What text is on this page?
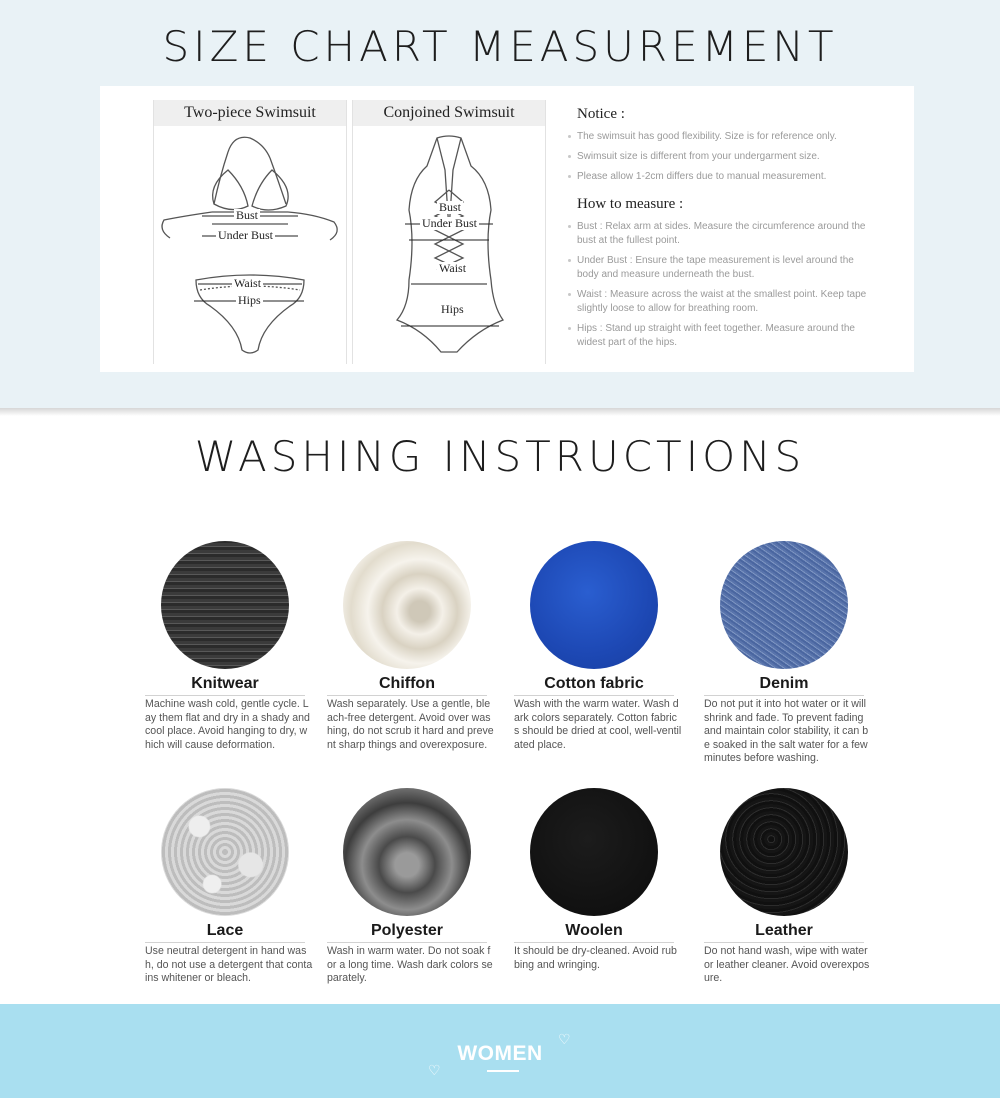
SIZE CHART MEASUREMENT
Two-piece Swimsuit
Bust
Under Bust
Waist
Hips
Conjoined Swimsuit
Bust
Under Bust
Waist
Hips
Notice :
The swimsuit has good flexibility. Size is for reference only.
Swimsuit size is different from your undergarment size.
Please allow 1-2cm differs due to manual measurement.
How to measure :
Bust : Relax arm at sides. Measure the circumference around the bust at the fullest point.
Under Bust : Ensure the tape measurement is level around the body and measure underneath the bust.
Waist : Measure across the waist at the smallest point. Keep tape slightly loose to allow for breathing room.
Hips : Stand up straight with feet together. Measure around the widest part of the hips.
WASHING INSTRUCTIONS
Knitwear
Machine wash cold, gentle cycle. Lay them flat and dry in a shady and cool place. Avoid hanging to dry, which will cause deformation.
Chiffon
Wash separately. Use a gentle, bleach-free detergent. Avoid over washing, do not scrub it hard and prevent sharp things and overexposure.
Cotton fabric
Wash with the warm water. Wash dark colors separately. Cotton fabrics should be dried at cool, well-ventilated place.
Denim
Do not put it into hot water or it will shrink and fade. To prevent fading and maintain color stability, it can be soaked in the salt water for a few minutes before washing.
Lace
Use neutral detergent in hand wash, do not use a detergent that contains whitener or bleach.
Polyester
Wash in warm water. Do not soak for a long time. Wash dark colors separately.
Woolen
It should be dry-cleaned. Avoid rubbing and wringing.
Leather
Do not hand wash, wipe with water or leather cleaner. Avoid overexposure.
WOMEN
♡
♡
